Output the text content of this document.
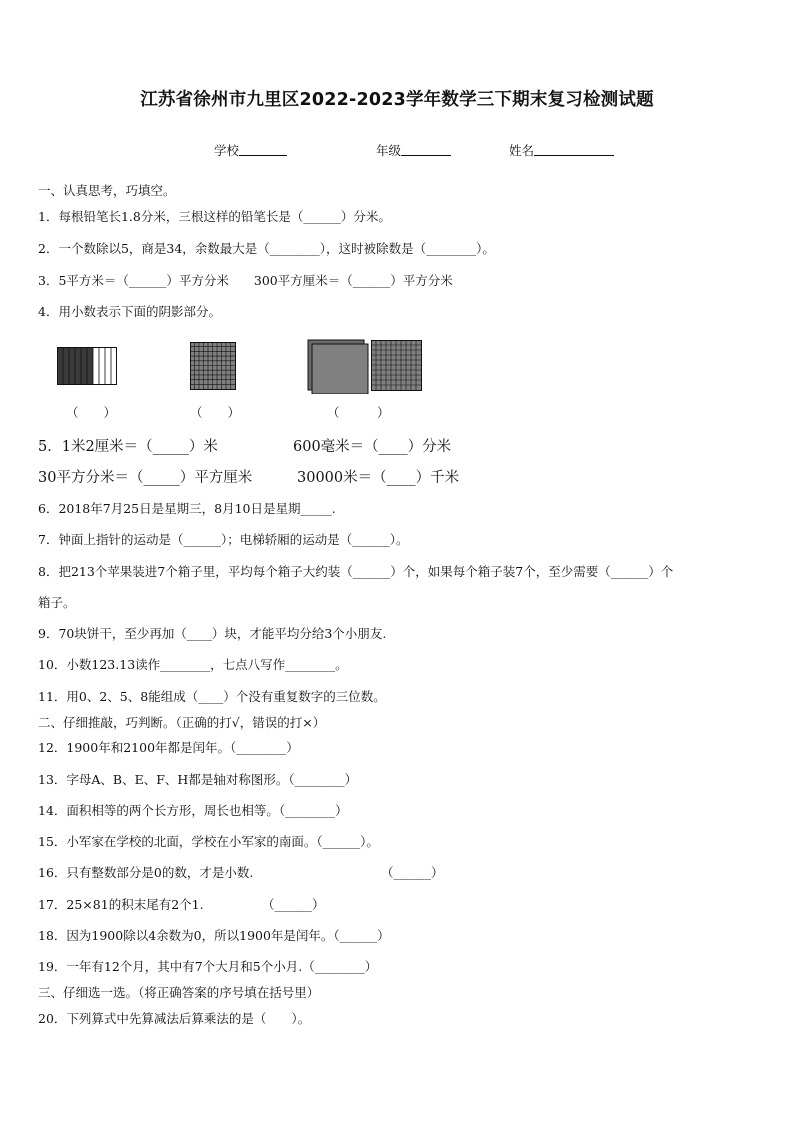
江苏省徐州市九里区2022-2023学年数学三下期末复习检测试题
学校	年级	姓名
一、认真思考，巧填空。
1．每根铅笔长1.8分米，三根这样的铅笔长是（______）分米。
2．一个数除以5，商是34，余数最大是（________），这时被除数是（________）。
3．5平方米＝（______）平方分米　　300平方厘米＝（______）平方分米
4．用小数表示下面的阴影部分。
（　　）	（　　）	（　　　）
5．1米2厘米＝（_____）米	600毫米＝（____）分米
30平方分米＝（_____）平方厘米	30000米＝（____）千米
6．2018年7月25日是星期三，8月10日是星期_____.
7．钟面上指针的运动是（______）；电梯轿厢的运动是（______）。
8．把213个苹果装进7个箱子里，平均每个箱子大约装（______）个，如果每个箱子装7个，至少需要（______）个
箱子。
9．70块饼干，至少再加（____）块，才能平均分给3个小朋友.
10．小数123.13读作________，七点八写作________。
11．用0、2、5、8能组成（____）个没有重复数字的三位数。
二、仔细推敲，巧判断。（正确的打√，错误的打×）
12．1900年和2100年都是闰年。（________）
13．字母A、B、E、F、H都是轴对称图形。（________）
14．面积相等的两个长方形，周长也相等。（________）
15．小军家在学校的北面，学校在小军家的南面。（______）。
16．只有整数部分是0的数，才是小数.	（______）
17．25×81的积末尾有2个1.	（______）
18．因为1900除以4余数为0，所以1900年是闰年。（______）
19．一年有12个月，其中有7个大月和5个小月.（________）
三、仔细选一选。（将正确答案的序号填在括号里）
20．下列算式中先算减法后算乘法的是（　　）。
